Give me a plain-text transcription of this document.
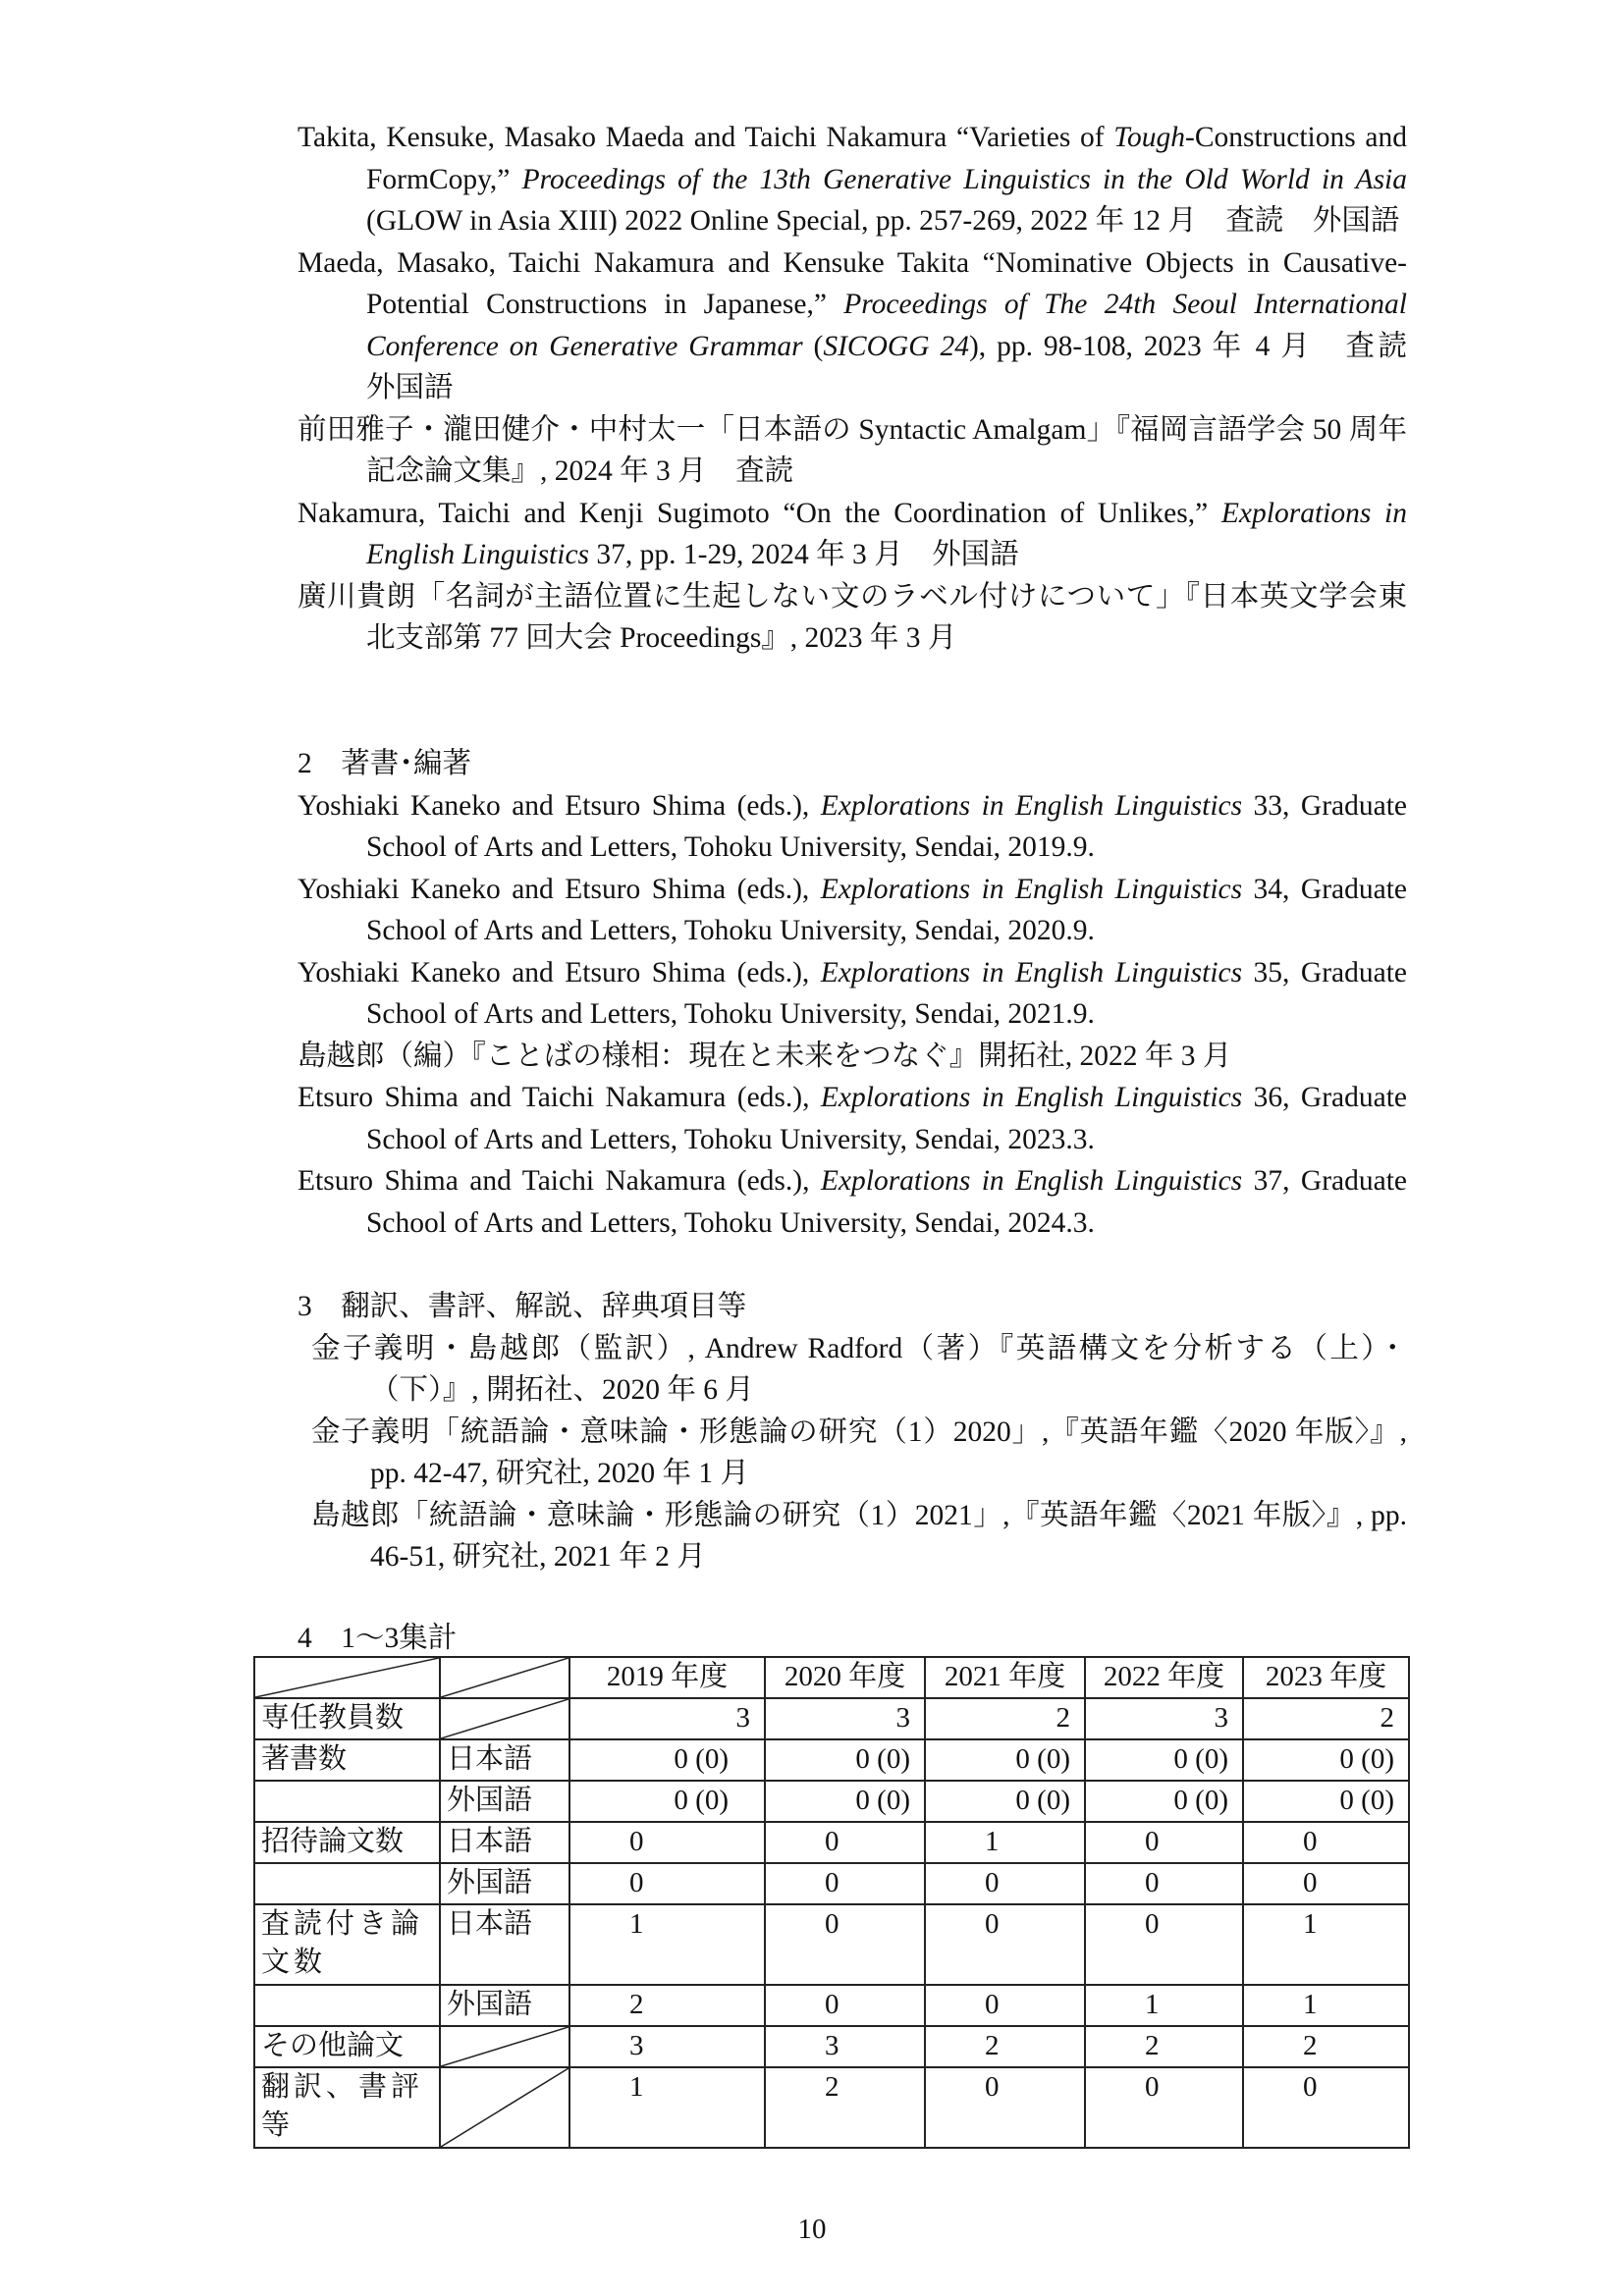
Takita, Kensuke, Masako Maeda and Taichi Nakamura “Varieties of Tough-Constructions and FormCopy,” Proceedings of the 13th Generative Linguistics in the Old World in Asia (GLOW in Asia XIII) 2022 Online Special, pp. 257-269, 2022 年 12 月　査読　外国語
Maeda, Masako, Taichi Nakamura and Kensuke Takita “Nominative Objects in Causative-Potential Constructions in Japanese,” Proceedings of The 24th Seoul International Conference on Generative Grammar (SICOGG 24), pp. 98-108, 2023 年 4 月　査読　外国語
前田雅子・瀧田健介・中村太一「日本語の Syntactic Amalgam」『福岡言語学会 50 周年記念論文集』, 2024 年 3 月　査読
Nakamura, Taichi and Kenji Sugimoto “On the Coordination of Unlikes,” Explorations in English Linguistics 37, pp. 1-29, 2024 年 3 月　外国語
廣川貴朗「名詞が主語位置に生起しない文のラベル付けについて」『日本英文学会東北支部第 77 回大会 Proceedings』, 2023 年 3 月
2　著書･編著
Yoshiaki Kaneko and Etsuro Shima (eds.), Explorations in English Linguistics 33, Graduate School of Arts and Letters, Tohoku University, Sendai, 2019.9.
Yoshiaki Kaneko and Etsuro Shima (eds.), Explorations in English Linguistics 34, Graduate School of Arts and Letters, Tohoku University, Sendai, 2020.9.
Yoshiaki Kaneko and Etsuro Shima (eds.), Explorations in English Linguistics 35, Graduate School of Arts and Letters, Tohoku University, Sendai, 2021.9.
島越郎（編）『ことばの様相：現在と未来をつなぐ』開拓社, 2022 年 3 月
Etsuro Shima and Taichi Nakamura (eds.), Explorations in English Linguistics 36, Graduate School of Arts and Letters, Tohoku University, Sendai, 2023.3.
Etsuro Shima and Taichi Nakamura (eds.), Explorations in English Linguistics 37, Graduate School of Arts and Letters, Tohoku University, Sendai, 2024.3.
3　翻訳、書評、解説、辞典項目等
金子義明・島越郎（監訳）, Andrew Radford（著）『英語構文を分析する（上）・（下）』, 開拓社、2020 年 6 月
金子義明「統語論・意味論・形態論の研究（1）2020」,『英語年鑑〈2020 年版〉』, pp. 42-47, 研究社, 2020 年 1 月
島越郎「統語論・意味論・形態論の研究（1）2021」,『英語年鑑〈2021 年版〉』, pp. 46-51, 研究社, 2021 年 2 月
4　1～3集計

	2019 年度	2020 年度	2021 年度	2022 年度	2023 年度
専任教員数		3	3	2	3	2
著書数	日本語	0 (0)	0 (0)	0 (0)	0 (0)	0 (0)
	外国語	0 (0)	0 (0)	0 (0)	0 (0)	0 (0)
招待論文数	日本語	0	0	1	0	0
	外国語	0	0	0	0	0
査読付き論文数	日本語	1	0	0	0	1
	外国語	2	0	0	1	1
その他論文		3	3	2	2	2
翻訳、書評等		1	2	0	0	0
10
